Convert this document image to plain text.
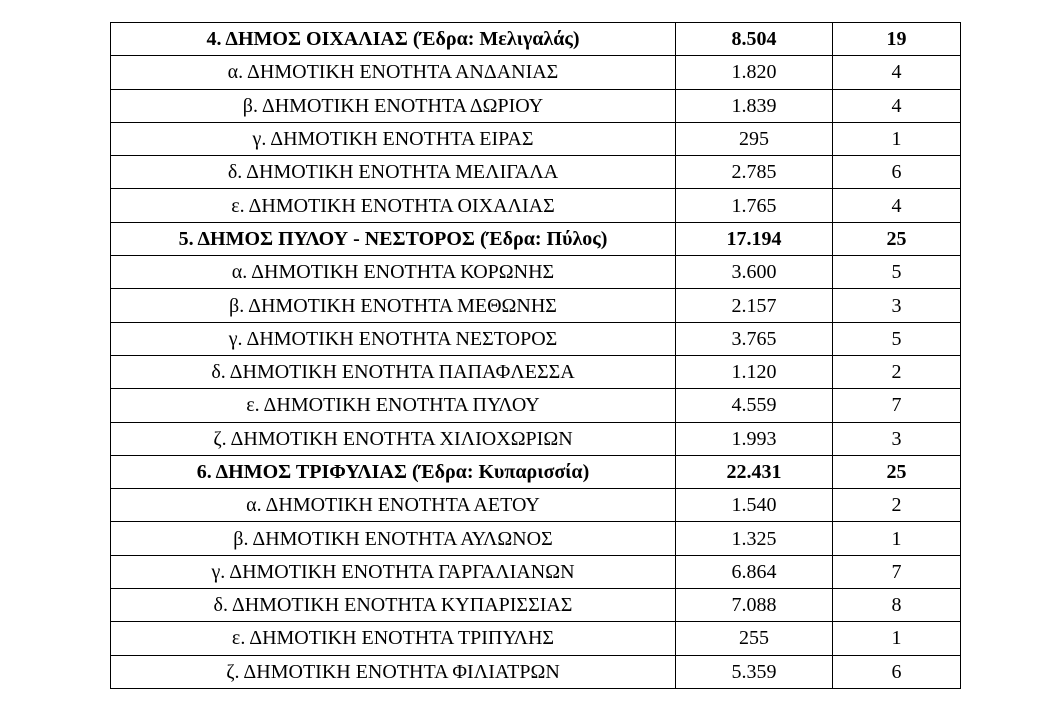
4. ΔΗΜΟΣ ΟΙΧΑΛΙΑΣ (Έδρα: Μελιγαλάς)	8.504	19
α. ΔΗΜΟΤΙΚΗ ΕΝΟΤΗΤΑ ΑΝΔΑΝΙΑΣ	1.820	4
β. ΔΗΜΟΤΙΚΗ ΕΝΟΤΗΤΑ ΔΩΡΙΟΥ	1.839	4
γ. ΔΗΜΟΤΙΚΗ ΕΝΟΤΗΤΑ ΕΙΡΑΣ	295	1
δ. ΔΗΜΟΤΙΚΗ ΕΝΟΤΗΤΑ ΜΕΛΙΓΑΛΑ	2.785	6
ε. ΔΗΜΟΤΙΚΗ ΕΝΟΤΗΤΑ ΟΙΧΑΛΙΑΣ	1.765	4
5. ΔΗΜΟΣ ΠΥΛΟΥ - ΝΕΣΤΟΡΟΣ (Έδρα: Πύλος)	17.194	25
α. ΔΗΜΟΤΙΚΗ ΕΝΟΤΗΤΑ ΚΟΡΩΝΗΣ	3.600	5
β. ΔΗΜΟΤΙΚΗ ΕΝΟΤΗΤΑ ΜΕΘΩΝΗΣ	2.157	3
γ. ΔΗΜΟΤΙΚΗ ΕΝΟΤΗΤΑ ΝΕΣΤΟΡΟΣ	3.765	5
δ. ΔΗΜΟΤΙΚΗ ΕΝΟΤΗΤΑ ΠΑΠΑΦΛΕΣΣΑ	1.120	2
ε. ΔΗΜΟΤΙΚΗ ΕΝΟΤΗΤΑ ΠΥΛΟΥ	4.559	7
ζ. ΔΗΜΟΤΙΚΗ ΕΝΟΤΗΤΑ ΧΙΛΙΟΧΩΡΙΩΝ	1.993	3
6. ΔΗΜΟΣ ΤΡΙΦΥΛΙΑΣ (Έδρα: Κυπαρισσία)	22.431	25
α. ΔΗΜΟΤΙΚΗ ΕΝΟΤΗΤΑ ΑΕΤΟΥ	1.540	2
β. ΔΗΜΟΤΙΚΗ ΕΝΟΤΗΤΑ ΑΥΛΩΝΟΣ	1.325	1
γ. ΔΗΜΟΤΙΚΗ ΕΝΟΤΗΤΑ ΓΑΡΓΑΛΙΑΝΩΝ	6.864	7
δ. ΔΗΜΟΤΙΚΗ ΕΝΟΤΗΤΑ ΚΥΠΑΡΙΣΣΙΑΣ	7.088	8
ε. ΔΗΜΟΤΙΚΗ ΕΝΟΤΗΤΑ ΤΡΙΠΥΛΗΣ	255	1
ζ. ΔΗΜΟΤΙΚΗ ΕΝΟΤΗΤΑ ΦΙΛΙΑΤΡΩΝ	5.359	6
